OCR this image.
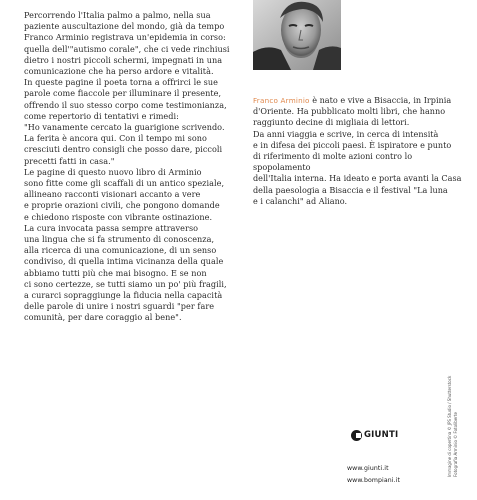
Percorrendo l'Italia palmo a palmo, nella sua
paziente auscultazione del mondo, già da tempo
Franco Arminio registrava un'epidemia in corso:
quella dell'"autismo corale", che ci vede rinchiusi
dietro i nostri piccoli schermi, impegnati in una
comunicazione che ha perso ardore e vitalità.
In queste pagine il poeta torna a offrirci le sue
parole come fiaccole per illuminare il presente,
offrendo il suo stesso corpo come testimonianza,
come repertorio di tentativi e rimedi:
"Ho vanamente cercato la guarigione scrivendo.
La ferita è ancora qui. Con il tempo mi sono
cresciuti dentro consigli che posso dare, piccoli
precetti fatti in casa."
Le pagine di questo nuovo libro di Arminio
sono fitte come gli scaffali di un antico speziale,
allineano racconti visionari accanto a vere
e proprie orazioni civili, che pongono domande
e chiedono risposte con vibrante ostinazione.
La cura invocata passa sempre attraverso
una lingua che si fa strumento di conoscenza,
alla ricerca di una comunicazione, di un senso
condiviso, di quella intima vicinanza della quale
abbiamo tutti più che mai bisogno. E se non
ci sono certezze, se tutti siamo un po' più fragili,
a curarci sopraggiunge la fiducia nella capacità
delle parole di unire i nostri sguardi "per fare
comunità, per dare coraggio al bene".

Franco Arminio è nato e vive a Bisaccia, in Irpinia
d'Oriente. Ha pubblicato molti libri, che hanno
raggiunto decine di migliaia di lettori.
Da anni viaggia e scrive, in cerca di intensità
e in difesa dei piccoli paesi. È ispiratore e punto
di riferimento di molte azioni contro lo spopolamento
dell'Italia interna. Ha ideato e porta avanti la Casa
della paesologia a Bisaccia e il festival "La luna
e i calanchi" ad Aliano.

GIUNTI
www.giunti.it
www.bompiani.it
Immagine di copertina © JPS Studio / Shutterstock Fotografia Arminio © Fotoliberte
